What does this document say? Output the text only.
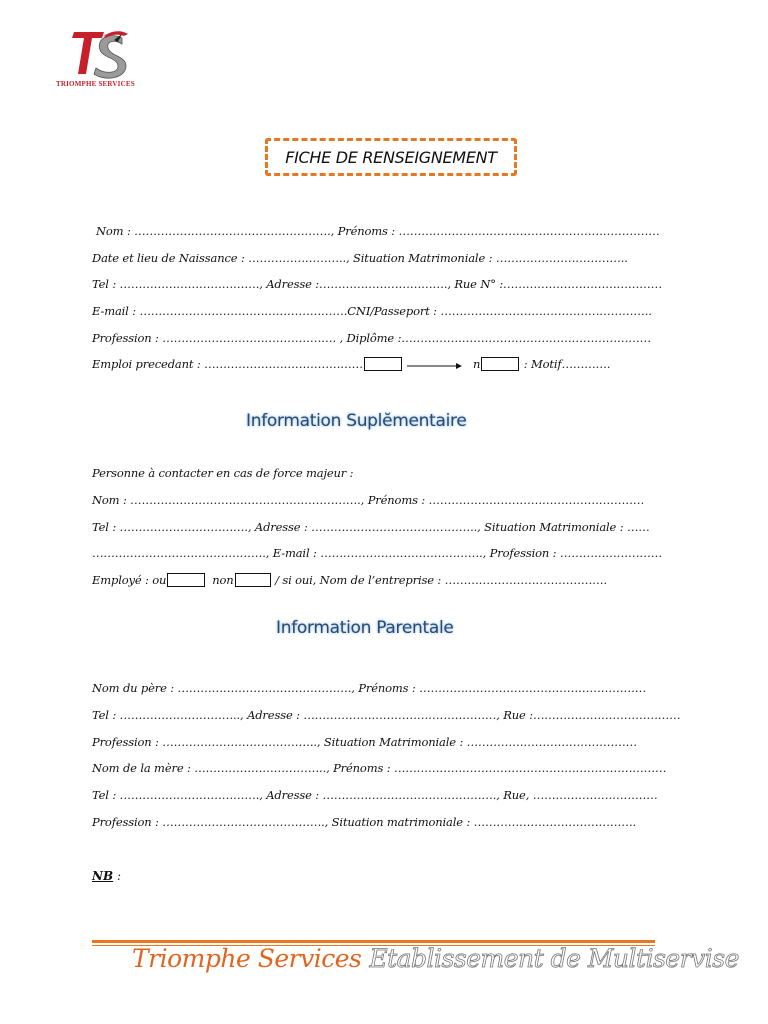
TRIOMPHE SERVICES
FICHE DE RENSEIGNEMENT
Nom : ……………………………………………., Prénoms : ……………………………………………………………
Date et lieu de Naissance : …………………….., Situation Matrimoniale : ……………………………..
Tel : ………………………………., Adresse :……………………………., Rue N° :……………………………………
E-mail : ……………………………………………….CNI/Passeport : ………………………………………………..
Profession : ………………………………………. , Diplôme :…………………………………………………………
Emploi precedant : ……………………………………	n	: Motif………….
Information Suplĕmentaire
Personne à contacter en cas de force majeur :
Nom : ……………………………………………………., Prénoms : …………………………………………………
Tel : ……………………………., Adresse : …………………………………….., Situation Matrimoniale : ……
………………………………………., E-mail : ……………………………………., Profession : ………………………
Employé : ou	non	/ si oui, Nom de l’entreprise : …………………………………….
Information Parentale
Nom du père : ………………………………………., Prénoms : ……………………………………………………
Tel : ………………………….., Adresse : ……………………………………………, Rue :…………………………………
Profession : ………………………………….., Situation Matrimoniale : ………………………………………
Nom de la mère : …………………………….., Prénoms : ………………………………………………………………
Tel : ………………………………., Adresse : ………………………………………., Rue, ……………………………
Profession : ……………………………………., Situation matrimoniale : …………………………………….
NB :
Triomphe Services Etablissement de Multiservise
